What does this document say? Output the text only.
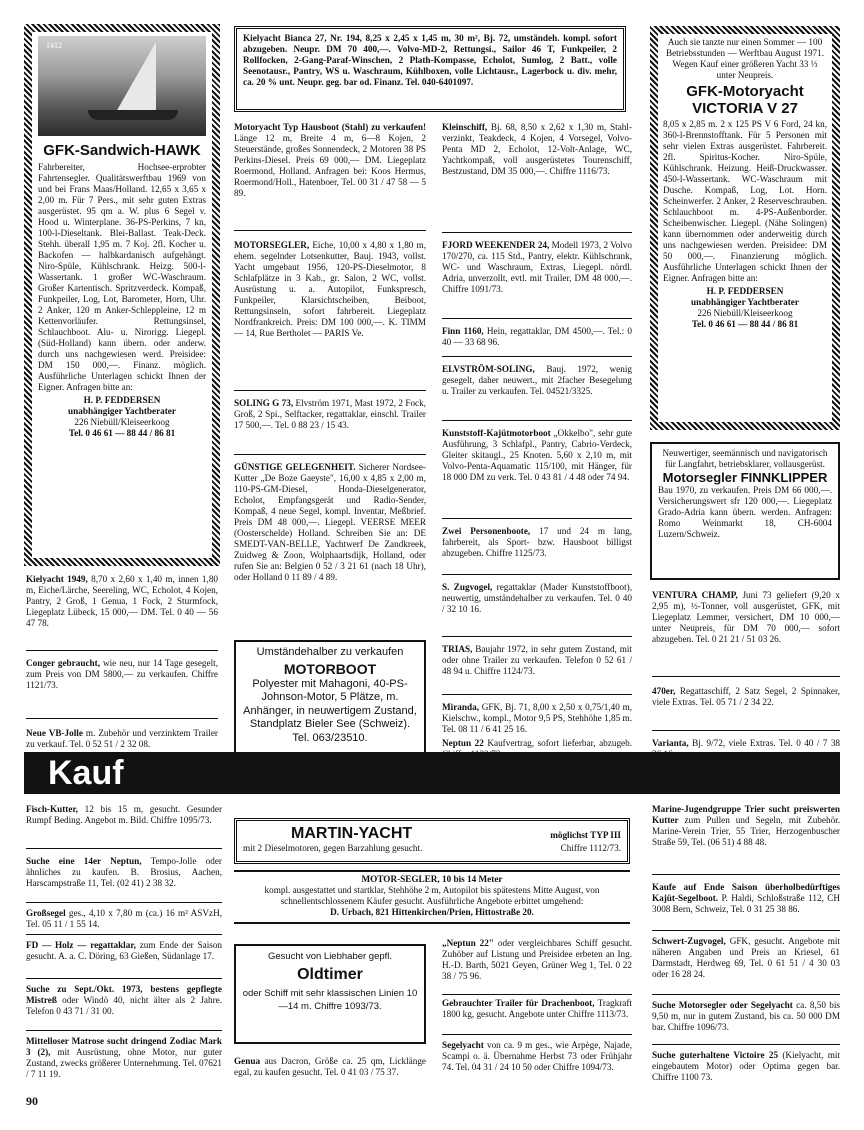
1412
GFK-Sandwich-HAWK
Fahrbereiter, Hochsee-erprobter Fahrtensegler. Qualitätswerftbau 1969 von und bei Frans Maas/Holland. 12,65 x 3,65 x 2,00 m. Für 7 Pers., mit sehr guten Extras ausgerüstet. 95 qm a. W. plus 6 Segel v. Hood u. Winterplane. 36-PS-Perkins, 7 kn, 100-l-Dieseltank. Blei-Ballast. Teak-Deck. Stehh. überall 1,95 m. 7 Koj. 2fl. Kocher u. Backofen — halbkardanisch aufgehängt. Niro-Spüle, Kühlschrank. Heizg. 500-l-Wassertank. 1 großer WC-Waschraum. Großer Kartentisch. Spritzverdeck. Kompaß, Funkpeiler, Log, Lot, Barometer, Horn, Uhr. 2 Anker, 120 m Anker-Schleppleine, 12 m Kettenvorläufer. Rettungsinsel, Schlauchboot. Alu- u. Nirorigg. Liegepl. (Süd-Holland) kann übern. oder anderw. durch uns nachgewiesen werd. Preisidee: DM 150 000,—. Finanz. möglich. Ausführliche Unterlagen schickt Ihnen der Eigner. Anfragen bitte an:
H. P. FEDDERSEN
unabhängiger Yachtberater
226 Niebüll/Kleiseerkoog
Tel. 0 46 61 — 88 44 / 86 81
Kielyacht 1949, 8,70 x 2,60 x 1,40 m, innen 1,80 m, Eiche/Lärche, Seereling, WC, Echolot, 4 Kojen, Pantry, 2 Groß, 1 Genua, 1 Fock, 2 Sturmfock, Liegeplatz Lübeck, 15 000,— DM. Tel. 0 40 — 56 47 78.
Conger gebraucht, wie neu, nur 14 Tage gesegelt, zum Preis von DM 5800,— zu verkaufen. Chiffre 1121/73.
Neue VB-Jolle m. Zubehör und verzinktem Trailer zu verkauf. Tel. 0 52 51 / 2 32 08.
Kielyacht Bianca 27, Nr. 194, 8,25 x 2,45 x 1,45 m, 30 m², Bj. 72, umständeh. kompl. sofort abzugeben. Neupr. DM 70 400,—. Volvo-MD-2, Rettungsi., Sailor 46 T, Funkpeiler, 2 Rollfocken, 2-Gang-Paraf-Winschen, 2 Plath-Kompasse, Echolot, Sumlog, 2 Batt., volle Seenotausr., Pantry, WS u. Waschraum, Kühlboxen, volle Lichtausr., Lagerbock u. div. mehr, ca. 20 % unt. Neupr. geg. bar od. Finanz. Tel. 040-6401097.
Motoryacht Typ Hausboot (Stahl) zu verkaufen! Länge 12 m, Breite 4 m, 6—8 Kojen, 2 Steuerstände, großes Sonnendeck, 2 Motoren 38 PS Perkins-Diesel. Preis 69 000,— DM. Liegeplatz Roermond, Holland. Anfragen bei: Koos Hermus, Roermond/Holl., Hatenboer, Tel. 00 31 / 47 58 — 5 89.
MOTORSEGLER, Eiche, 10,00 x 4,80 x 1,80 m, ehem. segelnder Lotsenkutter, Bauj. 1943, vollst. Yacht umgebaut 1956, 120-PS-Dieselmotor, 8 Schlafplätze in 3 Kab., gr. Salon, 2 WC, vollst. Ausrüstung u. a. Autopilot, Funkspresch, Funkpeiler, Klarsichtscheiben, Beiboot, Rettungsinseln, sofort fahrbereit. Liegeplatz Nordfrankreich. Preis: DM 100 000,—. K. TIMM — 14, Rue Bertholet — PARIS Ve.
SOLING G 73, Elvström 1971, Mast 1972, 2 Fock, Groß, 2 Spi., Selftacker, regattaklar, einschl. Trailer 17 500,—. Tel. 0 88 23 / 15 43.
GÜNSTIGE GELEGENHEIT. Sicherer Nordsee-Kutter „De Boze Gaeyste", 16,00 x 4,85 x 2,00 m, 110-PS-GM-Diesel, Honda-Dieselgenerator, Echolot, Empfangsgerät und Radio-Sender, Kompaß, 4 neue Segel, kompl. Inventar, Meßbrief. Preis DM 48 000,—. Liegepl. VEERSE MEER (Oosterschelde) Holland. Schreiben Sie an: DE SMEDT-VAN-BELLE, Yachtwerf De Zandkreek, Zuidweg & Zoon, Wolphaartsdijk, Holland, oder rufen Sie an: Belgien 0 52 / 3 21 61 (nach 18 Uhr), oder Holland 0 11 89 / 4 89.
Umständehalber zu verkaufen
MOTORBOOT
Polyester mit Mahagoni, 40-PS-Johnson-Motor, 5 Plätze, m. Anhänger, in neuwertigem Zustand, Standplatz Bieler See (Schweiz). Tel. 063/23510.
Kleinschiff, Bj. 68, 8,50 x 2,62 x 1,30 m, Stahl-verzinkt, Teakdeck, 4 Kojen, 4 Vorsegel, Volvo-Penta MD 2, Echolot, 12-Volt-Anlage, WC, Yachtkompaß, voll ausgerüstetes Tourenschiff, Bestzustand, DM 35 000,—. Chiffre 1116/73.
FJORD WEEKENDER 24, Modell 1973, 2 Volvo 170/270, ca. 115 Std., Pantry, elektr. Kühlschrank, WC- und Waschraum, Extras, Liegepl. nördl. Adria, unverzollt, evtl. mit Trailer, DM 48 000,—. Chiffre 1091/73.
Finn 1160, Hein, regattaklar, DM 4500,—. Tel.: 0 40 — 33 68 96.
ELVSTRÖM-SOLING, Bauj. 1972, wenig gesegelt, daher neuwert., mit 2facher Besegelung u. Trailer zu verkaufen. Tel. 04521/3325.
Kunststoff-Kajütmotorboot „Okkelbo", sehr gute Ausführung, 3 Schlafpl., Pantry, Cabrio-Verdeck, Gleiter skitaugl., 25 Knoten. 5,60 x 2,10 m, mit Volvo-Penta-Aquamatic 115/100, mit Hänger, für 18 000 DM zu verk. Tel. 0 43 81 / 4 48 oder 74 94.
Zwei Personenboote, 17 und 24 m lang, fahrbereit, als Sport- bzw. Hausboot billigst abzugeben. Chiffre 1125/73.
S. Zugvogel, regattaklar (Mader Kunststoffboot), neuwertig, umständehalber zu verkaufen. Tel. 0 40 / 32 10 16.
TRIAS, Baujahr 1972, in sehr gutem Zustand, mit oder ohne Trailer zu verkaufen. Telefon 0 52 61 / 48 94 u. Chiffre 1124/73.
Miranda, GFK, Bj. 71, 8,00 x 2,50 x 0,75/1,40 m, Kielschw., kompl., Motor 9,5 PS, Stehhöhe 1,85 m. Tel. 08 11 / 6 41 25 16.
Auch sie tanzte nur einen Sommer — 100 Betriebsstunden — Werftbau August 1971. Wegen Kauf einer größeren Yacht 33 ⅓ unter Neupreis.
GFK-Motoryacht VICTORIA V 27
8,05 x 2,85 m. 2 x 125 PS V 6 Ford, 24 kn, 360-l-Brennstofftank. Für 5 Personen mit sehr vielen Extras ausgerüstet. Fahrbereit. 2fl. Spiritus-Kocher. Niro-Spüle, Kühlschrank. Heizung. Heiß-Druckwasser. 450-l-Wassertank. WC-Waschraum mit Dusche. Kompaß, Log, Lot. Horn. Scheinwerfer. 2 Anker, 2 Reserveschrauben. Schlauchboot m. 4-PS-Außenborder. Scheibenwischer. Liegepl. (Nähe Solingen) kann übernommen oder anderweitig durch uns nachgewiesen werden. Preisidee: DM 50 000,—. Finanzierung möglich. Ausführliche Unterlagen schickt Ihnen der Eigner. Anfragen bitte an:
H. P. FEDDERSEN
unabhängiger Yachtberater
226 Niebüll/Kleiseerkoog
Tel. 0 46 61 — 88 44 / 86 81
Neuwertiger, seemännisch und navigatorisch für Langfahrt, betriebsklarer, vollausgerüst.
Motorsegler FINNKLIPPER
Bau 1970, zu verkaufen. Preis DM 66 000,—. Versicherungswert sfr 120 000,—. Liegeplatz Grado-Adria kann übern. werden. Anfragen: Romo Weinmarkt 18, CH-6004 Luzern/Schweiz.
VENTURA CHAMP, Juni 73 geliefert (9,20 x 2,95 m), ½-Tonner, voll ausgerüstet, GFK, mit Liegeplatz Lemmer, versichert, DM 10 000,— unter Neupreis, für DM 70 000,— sofort abzugeben. Tel. 0 21 21 / 51 03 26.
470er, Regattaschiff, 2 Satz Segel, 2 Spinnaker, viele Extras. Tel. 05 71 / 2 34 22.
Kauf
Fisch-Kutter, 12 bis 15 m, gesucht. Gesunder Rumpf Beding. Angebot m. Bild. Chiffre 1095/73.
Suche eine 14er Neptun, Tempo-Jolle oder ähnliches zu kaufen. B. Brosius, Aachen, Harscampstraße 11, Tel. (02 41) 2 38 32.
Großsegel ges., 4,10 x 7,80 m (ca.) 16 m² ASVzH, Tel. 05 11 / 1 55 14.
FD — Holz — regattaklar, zum Ende der Saison gesucht. A. a. C. Döring, 63 Gießen, Südanlage 17.
Suche zu Sept./Okt. 1973, bestens gepflegte Mistreß oder Windö 40, nicht älter als 2 Jahre. Telefon 0 43 71 / 31 00.
Mittelloser Matrose sucht dringend Zodiac Mark 3 (2), mit Ausrüstung, ohne Motor, nur guter Zustand, zwecks größerer Unternehmung. Tel. 07621 / 7 11 19.
90
MARTIN-YACHT	möglichst TYP III
mit 2 Dieselmotoren, gegen Barzahlung gesucht.	Chiffre 1112/73.
MOTOR-SEGLER, 10 bis 14 Meter
kompl. ausgestattet und startklar, Stehhöhe 2 m, Autopilot bis spätestens Mitte August, von schnellentschlossenem Käufer gesucht. Ausführliche Angebote erbittet umgehend:
D. Urbach, 821 Hittenkirchen/Prien, Hittostraße 20.
Gesucht von Liebhaber gepfl.
Oldtimer
oder Schiff mit sehr klassischen Linien 10—14 m. Chiffre 1093/73.
Genua aus Dacron, Größe ca. 25 qm, Licklänge egal, zu kaufen gesucht. Tel. 0 41 03 / 75 37.
„Neptun 22" oder vergleichbares Schiff gesucht. Zuhöber auf Listung und Preisidee erbeten an Ing. H.-D. Barth, 5021 Geyen, Grüner Weg 1, Tel. 0 22 38 / 75 96.
Gebrauchter Trailer für Drachenboot, Tragkraft 1800 kg, gesucht. Angebote unter Chiffre 1113/73.
Segelyacht von ca. 9 m ges., wie Arpège, Najade, Scampi o. ä. Übernahme Herbst 73 oder Frühjahr 74. Tel. 04 31 / 24 10 50 oder Chiffre 1094/73.
Marine-Jugendgruppe Trier sucht preiswerten Kutter zum Pullen und Segeln, mit Zubehör. Marine-Verein Trier, 55 Trier, Herzogenbuscher Straße 59, Tel. (06 51) 4 88 48.
Kaufe auf Ende Saison überholbedürftiges Kajüt-Segelboot. P. Haldi, Schloßstraße 112, CH 3008 Bern, Schweiz, Tel. 0 31 25 38 86.
Schwert-Zugvogel, GFK, gesucht. Angebote mit näheren Angaben und Preis an Kriesel, 61 Darmstadt, Herdweg 69, Tel. 0 61 51 / 4 30 03 oder 16 28 24.
Suche Motorsegler oder Segelyacht ca. 8,50 bis 9,50 m, nur in gutem Zustand, bis ca. 50 000 DM bar. Chiffre 1096/73.
Suche guterhaltene Victoire 25 (Kielyacht, mit eingebautem Motor) oder Optima gegen bar. Chiffre 1100 73.
Neptun 22 Kaufvertrag, sofort lieferbar, abzugeb. Chiffre 1122/73.
Varianta, Bj. 9/72, viele Extras. Tel. 0 40 / 7 38 36 16.
